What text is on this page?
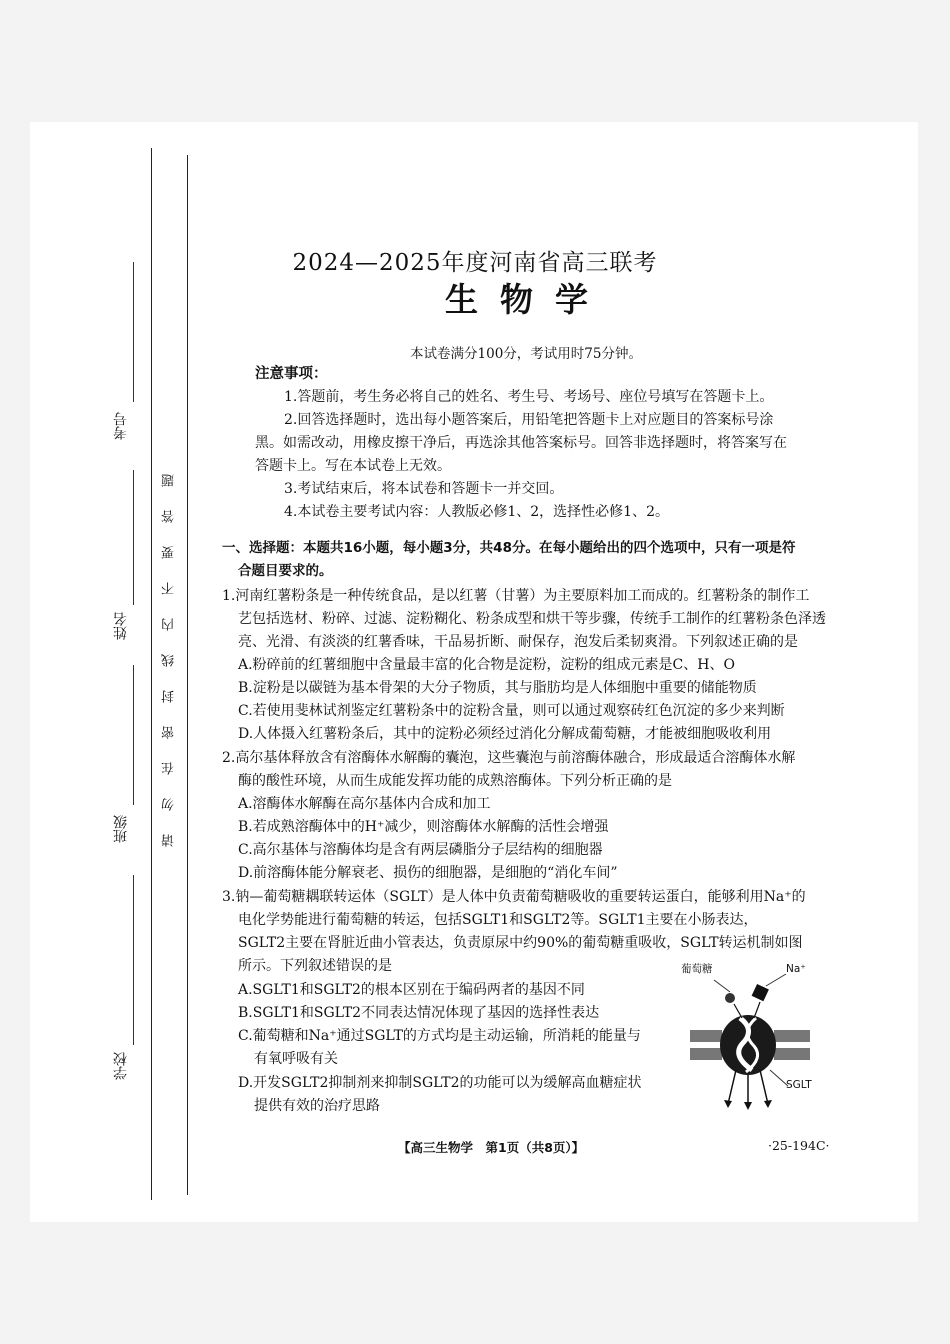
考号
姓名
班级
学校
请
勿
在
密
封
线
内
不
要
答
题
2024—2025年度河南省高三联考
生物学
本试卷满分100分，考试用时75分钟。
注意事项：
1.答题前，考生务必将自己的姓名、考生号、考场号、座位号填写在答题卡上。
2.回答选择题时，选出每小题答案后，用铅笔把答题卡上对应题目的答案标号涂
黑。如需改动，用橡皮擦干净后，再选涂其他答案标号。回答非选择题时，将答案写在
答题卡上。写在本试卷上无效。
3.考试结束后，将本试卷和答题卡一并交回。
4.本试卷主要考试内容：人教版必修1、2，选择性必修1、2。
一、选择题：本题共16小题，每小题3分，共48分。在每小题给出的四个选项中，只有一项是符
合题目要求的。
1.河南红薯粉条是一种传统食品，是以红薯（甘薯）为主要原料加工而成的。红薯粉条的制作工
艺包括选材、粉碎、过滤、淀粉糊化、粉条成型和烘干等步骤，传统手工制作的红薯粉条色泽透
亮、光滑、有淡淡的红薯香味，干品易折断、耐保存，泡发后柔韧爽滑。下列叙述正确的是
A.粉碎前的红薯细胞中含量最丰富的化合物是淀粉，淀粉的组成元素是C、H、O
B.淀粉是以碳链为基本骨架的大分子物质，其与脂肪均是人体细胞中重要的储能物质
C.若使用斐林试剂鉴定红薯粉条中的淀粉含量，则可以通过观察砖红色沉淀的多少来判断
D.人体摄入红薯粉条后，其中的淀粉必须经过消化分解成葡萄糖，才能被细胞吸收利用
2.高尔基体释放含有溶酶体水解酶的囊泡，这些囊泡与前溶酶体融合，形成最适合溶酶体水解
酶的酸性环境，从而生成能发挥功能的成熟溶酶体。下列分析正确的是
A.溶酶体水解酶在高尔基体内合成和加工
B.若成熟溶酶体中的H⁺减少，则溶酶体水解酶的活性会增强
C.高尔基体与溶酶体均是含有两层磷脂分子层结构的细胞器
D.前溶酶体能分解衰老、损伤的细胞器，是细胞的“消化车间”
3.钠—葡萄糖耦联转运体（SGLT）是人体中负责葡萄糖吸收的重要转运蛋白，能够利用Na⁺的
电化学势能进行葡萄糖的转运，包括SGLT1和SGLT2等。SGLT1主要在小肠表达，
SGLT2主要在肾脏近曲小管表达，负责原尿中约90%的葡萄糖重吸收，SGLT转运机制如图
所示。下列叙述错误的是
A.SGLT1和SGLT2的根本区别在于编码两者的基因不同
B.SGLT1和SGLT2不同表达情况体现了基因的选择性表达
C.葡萄糖和Na⁺通过SGLT的方式均是主动运输，所消耗的能量与
有氧呼吸有关
D.开发SGLT2抑制剂来抑制SGLT2的功能可以为缓解高血糖症状
提供有效的治疗思路
葡萄糖	Na⁺
SGLT
【高三生物学　第1页（共8页）】	·25-194C·
